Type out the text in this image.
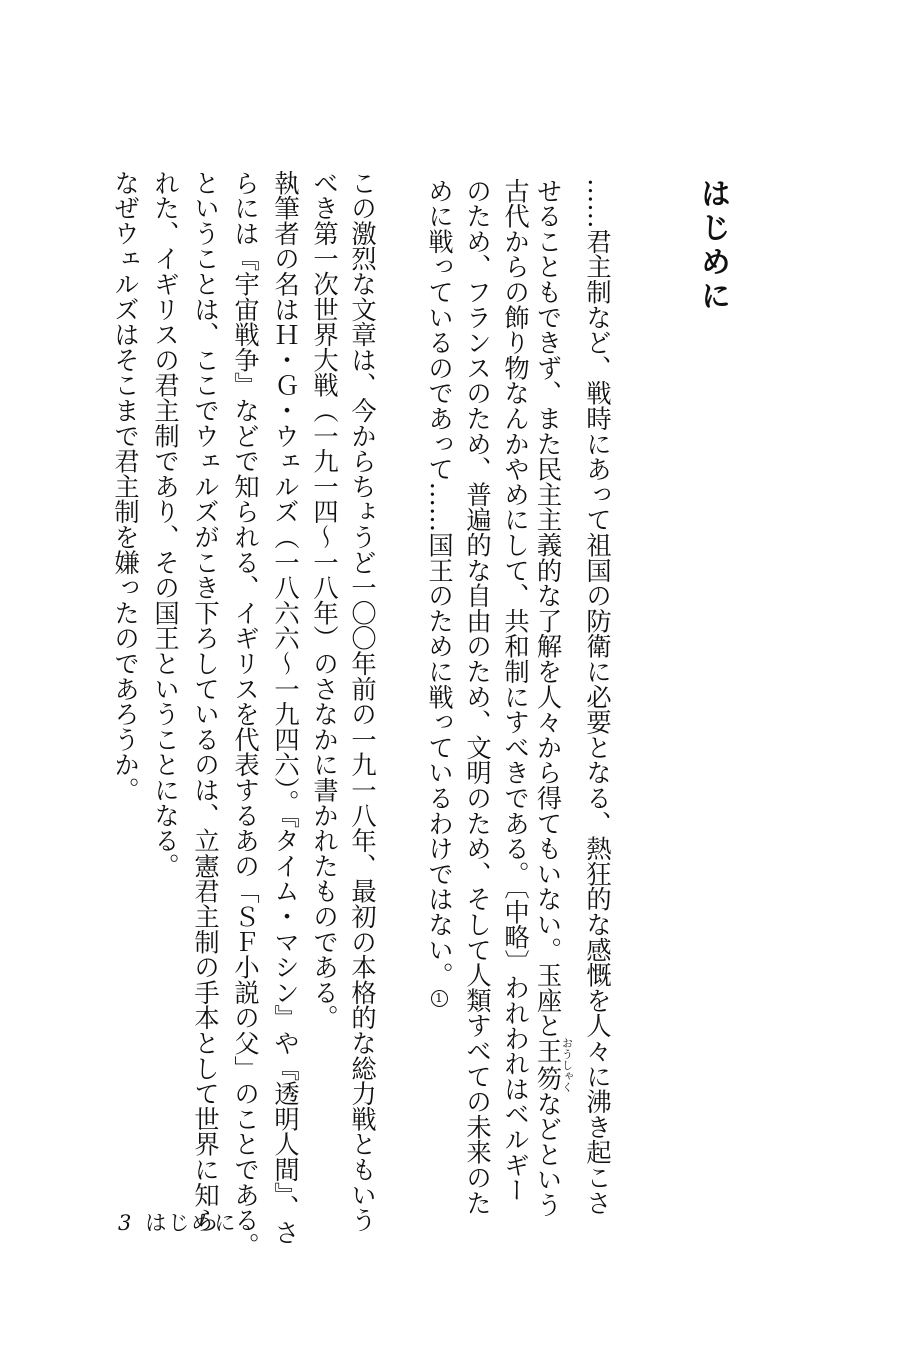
はじめに
……君主制など、戦時にあって祖国の防衛に必要となる、熱狂的な感慨を人々に沸き起こさ
せることもできず、また民主主義的な了解を人々から得てもいない。玉座と王笏おうしゃくなどという
古代からの飾り物なんかやめにして、共和制にすべきである。〔中略〕われわれはベルギー
のため、フランスのため、普遍的な自由のため、文明のため、そして人類すべての未来のた
めに戦っているのであって……国王のために戦っているわけではない。1
この激烈な文章は、今からちょうど一〇〇年前の一九一八年、最初の本格的な総力戦ともいう
べき第一次世界大戦（一九一四～一八年）のさなかに書かれたものである。
執筆者の名はＨ・Ｇ・ウェルズ（一八六六～一九四六）。『タイム・マシン』や『透明人間』、さ
らには『宇宙戦争』などで知られる、イギリスを代表するあの「ＳＦ小説の父」のことである。
ということは、ここでウェルズがこき下ろしているのは、立憲君主制の手本として世界に知ら
れた、イギリスの君主制であり、その国王ということになる。
なぜウェルズはそこまで君主制を嫌ったのであろうか。
3 はじめに
